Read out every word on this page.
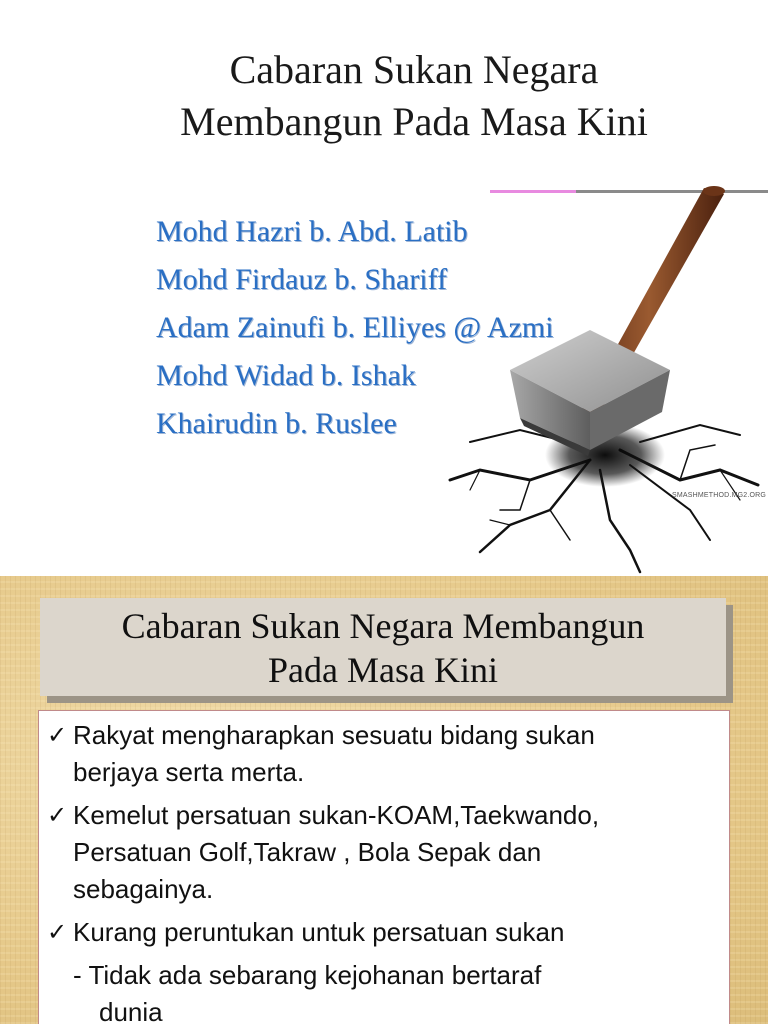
Cabaran Sukan Negara
Membangun Pada Masa Kini
SMASHMETHOD.MG2.ORG
Mohd Hazri b. Abd. Latib
Mohd Firdauz b. Shariff
Adam Zainufi b. Elliyes @ Azmi
Mohd Widad b. Ishak
Khairudin b. Ruslee
Cabaran Sukan Negara Membangun
Pada Masa Kini
✓ Rakyat mengharapkan sesuatu bidang sukan
berjaya serta merta.
✓ Kemelut persatuan sukan-KOAM,Taekwando,
Persatuan Golf,Takraw , Bola Sepak dan
sebagainya.
✓ Kurang peruntukan untuk persatuan sukan
- Tidak ada sebarang kejohanan bertaraf
dunia
